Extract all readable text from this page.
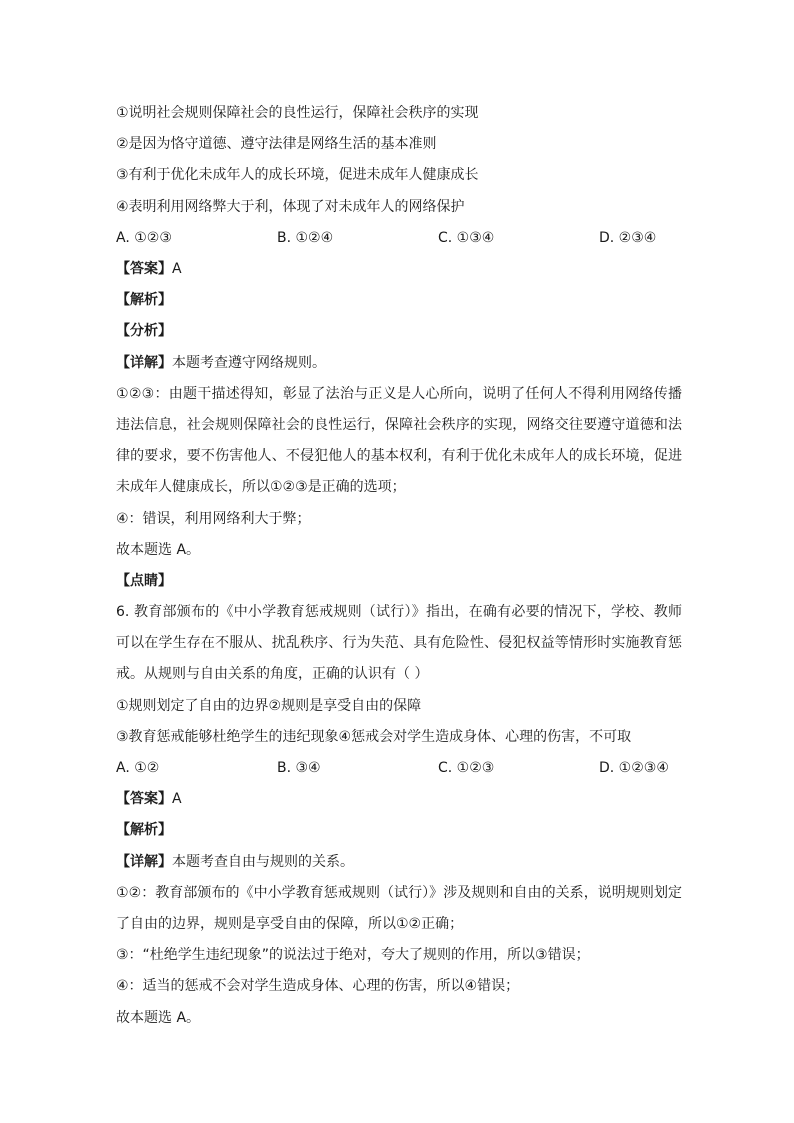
①说明社会规则保障社会的良性运行，保障社会秩序的实现
②是因为恪守道德、遵守法律是网络生活的基本准则
③有利于优化未成年人的成长环境，促进未成年人健康成长
④表明利用网络弊大于利，体现了对未成年人的网络保护
A. ①②③	B. ①②④	C. ①③④	D. ②③④
【答案】A
【解析】
【分析】
【详解】本题考查遵守网络规则。
①②③：由题干描述得知，彰显了法治与正义是人心所向，说明了任何人不得利用网络传播违法信息，社会规则保障社会的良性运行，保障社会秩序的实现，网络交往要遵守道德和法律的要求，要不伤害他人、不侵犯他人的基本权利，有利于优化未成年人的成长环境，促进未成年人健康成长，所以①②③是正确的选项；
④：错误，利用网络利大于弊；
故本题选 A。
【点睛】
6. 教育部颁布的《中小学教育惩戒规则（试行）》指出，在确有必要的情况下，学校、教师可以在学生存在不服从、扰乱秩序、行为失范、具有危险性、侵犯权益等情形时实施教育惩戒。从规则与自由关系的角度，正确的认识有（ ）
①规则划定了自由的边界②规则是享受自由的保障
③教育惩戒能够杜绝学生的违纪现象④惩戒会对学生造成身体、心理的伤害，不可取
A. ①②	B. ③④	C. ①②③	D. ①②③④
【答案】A
【解析】
【详解】本题考查自由与规则的关系。
①②：教育部颁布的《中小学教育惩戒规则（试行）》涉及规则和自由的关系，说明规则划定了自由的边界，规则是享受自由的保障，所以①②正确；
③：“杜绝学生违纪现象”的说法过于绝对，夸大了规则的作用，所以③错误；
④：适当的惩戒不会对学生造成身体、心理的伤害，所以④错误；
故本题选 A。
